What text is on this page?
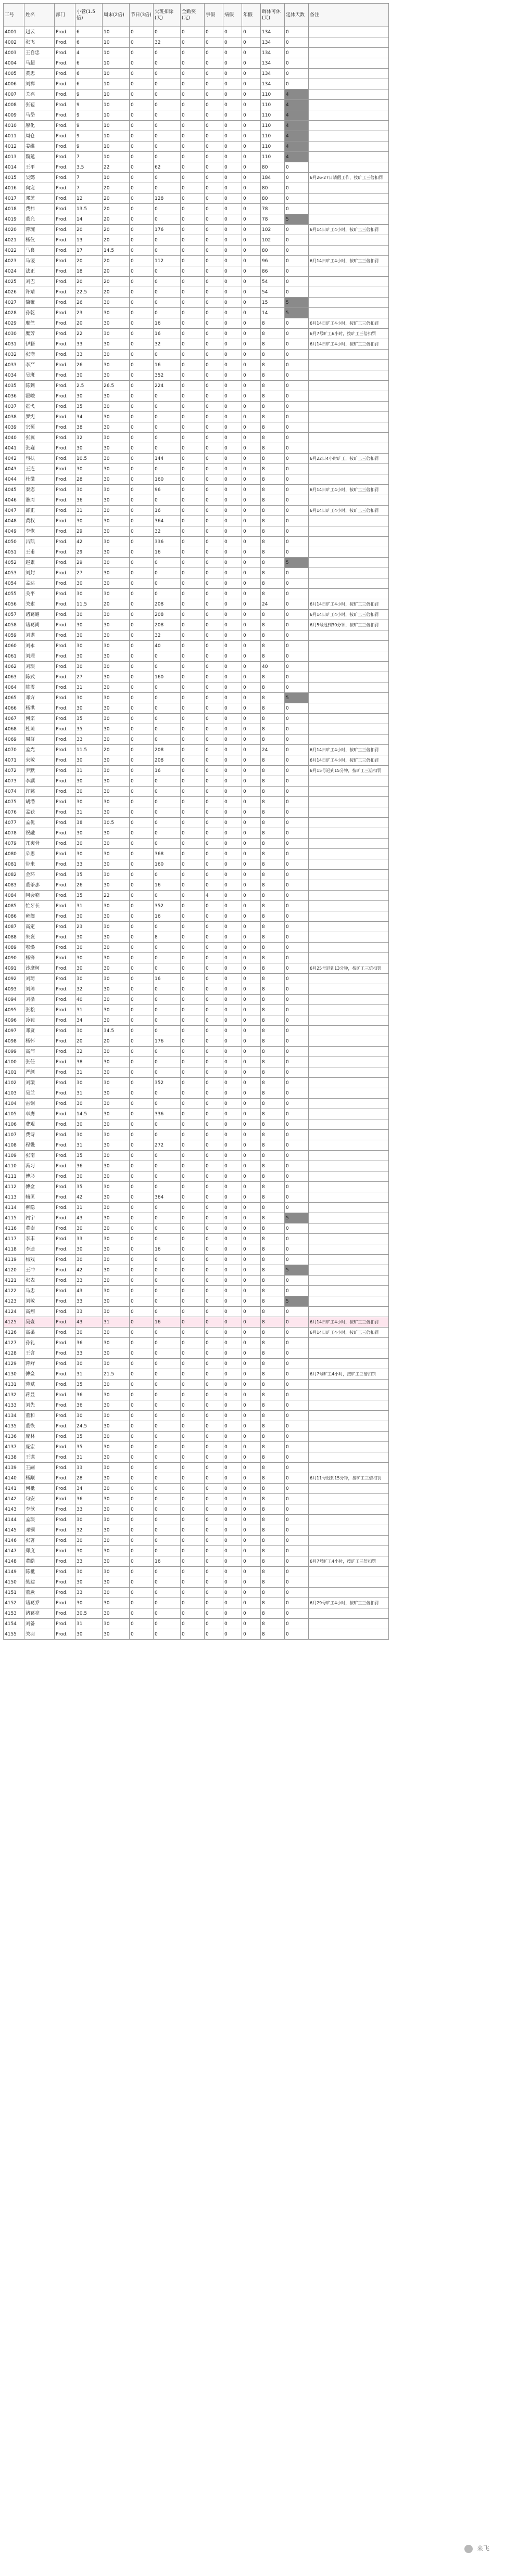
工号	姓名	部门	小管(1.5倍)	周末(2倍)	节日(3倍)	欠班扣除(天)	全勤奖(元)	事假	病假	年假	调休可休(天)	延休天数	备注
4001	赵云	Prod.	6	10	0	0	0	0	0	0	134	0	
4002	张飞	Prod.	6	10	0	32	0	0	0	0	134	0	
4003	王自忠	Prod.	4	10	0	0	0	0	0	0	134	0	
4004	马超	Prod.	6	10	0	0	0	0	0	0	134	0	
4005	黄忠	Prod.	6	10	0	0	0	0	0	0	134	0	
4006	刘禅	Prod.	6	10	0	0	0	0	0	0	134	0	
4007	关兴	Prod.	9	10	0	0	0	0	0	0	110	4	
4008	张苞	Prod.	9	10	0	0	0	0	0	0	110	4	
4009	马岱	Prod.	9	10	0	0	0	0	0	0	110	4	
4010	廖化	Prod.	9	10	0	0	0	0	0	0	110	4	
4011	周仓	Prod.	9	10	0	0	0	0	0	0	110	4	
4012	姜维	Prod.	9	10	0	0	0	0	0	0	110	4	
4013	魏延	Prod.	7	10	0	0	0	0	0	0	110	4	
4014	王平	Prod.	3.5	22	0	62	0	0	0	0	80	0	
4015	吴懿	Prod.	7	10	0	0	0	0	0	0	184	0	6月26-27日请假工作，按旷工三倍扣罚
4016	向宠	Prod.	7	20	0	0	0	0	0	0	80	0	
4017	邓芝	Prod.	12	20	0	128	0	0	0	0	80	0	
4018	费祎	Prod.	13.5	20	0	0	0	0	0	0	78	0	
4019	董允	Prod.	14	20	0	0	0	0	0	0	78	5	
4020	蒋琬	Prod.	20	20	0	176	0	0	0	0	102	0	6月14日旷工4小时，按旷工三倍扣罚
4021	杨仪	Prod.	13	20	0	0	0	0	0	0	102	0	
4022	马良	Prod.	17	14.5	0	0	0	0	0	0	80	0	
4023	马谡	Prod.	20	20	0	112	0	0	0	0	96	0	6月14日旷工4小时，按旷工三倍扣罚
4024	法正	Prod.	18	20	0	0	0	0	0	0	86	0	
4025	刘巴	Prod.	20	20	0	0	0	0	0	0	54	0	
4026	许靖	Prod.	22.5	20	0	0	0	0	0	0	54	0	
4027	简雍	Prod.	26	30	0	0	0	0	0	0	15	5	
4028	孙乾	Prod.	23	30	0	0	0	0	0	0	14	5	
4029	糜竺	Prod.	20	30	0	16	0	0	0	0	8	0	6月14日旷工4小时，按旷工三倍扣罚
4030	糜芳	Prod.	22	30	0	16	0	0	0	0	8	0	6月7号旷工6小时，按旷工三倍扣罚
4031	伊籍	Prod.	33	30	0	32	0	0	0	0	8	0	6月14日旷工4小时，按旷工三倍扣罚
4032	张裔	Prod.	33	30	0	0	0	0	0	0	8	0	
4033	李严	Prod.	26	30	0	16	0	0	0	0	8	0	
4034	吴班	Prod.	30	30	0	352	0	0	0	0	8	0	
4035	陈到	Prod.	2.5	26.5	0	224	0	0	0	0	8	0	
4036	霍峻	Prod.	30	30	0	0	0	0	0	0	8	0	
4037	霍弋	Prod.	35	30	0	0	0	0	0	0	8	0	
4038	罗宪	Prod.	34	30	0	0	0	0	0	0	8	0	
4039	宗预	Prod.	38	30	0	0	0	0	0	0	8	0	
4040	张翼	Prod.	32	30	0	0	0	0	0	0	8	0	
4041	张嶷	Prod.	30	30	0	0	0	0	0	0	8	0	
4042	句扶	Prod.	10.5	30	0	144	0	0	0	0	8	0	6月22日4小时旷工，按旷工三倍扣罚
4043	王连	Prod.	30	30	0	0	0	0	0	0	8	0	
4044	杜微	Prod.	28	30	0	160	0	0	0	0	8	0	
4045	秦宓	Prod.	30	30	0	96	0	0	0	0	8	0	6月14日旷工4小时，按旷工三倍扣罚
4046	谯周	Prod.	36	30	0	0	0	0	0	0	8	0	
4047	郤正	Prod.	31	30	0	16	0	0	0	0	8	0	6月14日旷工4小时，按旷工三倍扣罚
4048	黄权	Prod.	30	30	0	364	0	0	0	0	8	0	
4049	李恢	Prod.	29	30	0	32	0	0	0	0	8	0	
4050	吕凯	Prod.	42	30	0	336	0	0	0	0	8	0	
4051	王甫	Prod.	29	30	0	16	0	0	0	0	8	0	
4052	赵累	Prod.	29	30	0	0	0	0	0	0	8	5	
4053	刘封	Prod.	27	30	0	0	0	0	0	0	8	0	
4054	孟达	Prod.	30	30	0	0	0	0	0	0	8	0	
4055	关平	Prod.	30	30	0	0	0	0	0	0	8	0	
4056	关索	Prod.	11.5	20	0	208	0	0	0	0	24	0	6月14日旷工4小时，按旷工三倍扣罚
4057	诸葛瞻	Prod.	30	30	0	208	0	0	0	0	8	0	6月14日旷工4小时，按旷工三倍扣罚
4058	诸葛尚	Prod.	30	30	0	208	0	0	0	0	8	0	6月5号迟到30分钟，按旷工三倍扣罚
4059	刘谌	Prod.	30	30	0	32	0	0	0	0	8	0	
4060	刘永	Prod.	30	30	0	40	0	0	0	0	8	0	
4061	刘理	Prod.	30	30	0	0	0	0	0	0	8	0	
4062	刘琰	Prod.	30	30	0	0	0	0	0	0	40	0	
4063	陈式	Prod.	27	30	0	160	0	0	0	0	8	0	
4064	陈震	Prod.	31	30	0	0	0	0	0	0	8	0	
4065	邓方	Prod.	30	30	0	0	0	0	0	0	8	5	
4066	杨洪	Prod.	30	30	0	0	0	0	0	0	8	0	
4067	何宗	Prod.	35	30	0	0	0	0	0	0	8	0	
4068	杜琼	Prod.	35	30	0	0	0	0	0	0	8	0	
4069	周群	Prod.	33	30	0	0	0	0	0	0	8	0	
4070	孟光	Prod.	11.5	20	0	208	0	0	0	0	24	0	6月14日旷工4小时，按旷工三倍扣罚
4071	来敏	Prod.	30	30	0	208	0	0	0	0	8	0	6月14日旷工4小时，按旷工三倍扣罚
4072	尹默	Prod.	31	30	0	16	0	0	0	0	8	0	6月15号迟到15分钟，按旷工三倍扣罚
4073	李譔	Prod.	30	30	0	0	0	0	0	0	8	0	
4074	许慈	Prod.	30	30	0	0	0	0	0	0	8	0	
4075	胡潜	Prod.	30	30	0	0	0	0	0	0	8	0	
4076	孟获	Prod.	31	30	0	0	0	0	0	0	8	0	
4077	孟优	Prod.	38	30.5	0	0	0	0	0	0	8	0	
4078	祝融	Prod.	30	30	0	0	0	0	0	0	8	0	
4079	兀突骨	Prod.	30	30	0	0	0	0	0	0	8	0	
4080	朵思	Prod.	30	30	0	368	0	0	0	0	8	0	
4081	带来	Prod.	33	30	0	160	0	0	0	0	8	0	
4082	金环	Prod.	35	30	0	0	0	0	0	0	8	0	
4083	董荼那	Prod.	26	30	0	16	0	0	0	0	8	0	
4084	阿会喃	Prod.	35	22	0	0	0	4	0	0	8	0	
4085	忙牙长	Prod.	31	30	0	352	0	0	0	0	8	0	
4086	雍闿	Prod.	30	30	0	16	0	0	0	0	8	0	
4087	高定	Prod.	23	30	0	0	0	0	0	0	8	0	
4088	朱褒	Prod.	30	30	0	8	0	0	0	0	8	0	
4089	鄂焕	Prod.	30	30	0	0	0	0	0	0	8	0	
4090	杨锋	Prod.	30	30	0	0	0	0	0	0	8	0	
4091	沙摩柯	Prod.	30	30	0	0	0	0	0	0	8	0	6月25号迟到13分钟，按旷工三倍扣罚
4092	刘琦	Prod.	30	30	0	16	0	0	0	0	8	0	
4093	刘璋	Prod.	32	30	0	0	0	0	0	0	8	0	
4094	刘循	Prod.	40	30	0	0	0	0	0	0	8	0	
4095	张松	Prod.	31	30	0	0	0	0	0	0	8	0	
4096	冷苞	Prod.	34	30	0	0	0	0	0	0	8	0	
4097	邓贤	Prod.	30	34.5	0	0	0	0	0	0	8	0	
4098	杨怀	Prod.	20	20	0	176	0	0	0	0	8	0	
4099	高沛	Prod.	32	30	0	0	0	0	0	0	8	0	
4100	张任	Prod.	38	30	0	0	0	0	0	0	8	0	
4101	严颜	Prod.	31	30	0	0	0	0	0	0	8	0	
4102	刘璝	Prod.	30	30	0	352	0	0	0	0	8	0	
4103	吴兰	Prod.	31	30	0	0	0	0	0	0	8	0	
4104	雷铜	Prod.	30	30	0	0	0	0	0	0	8	0	
4105	卓膺	Prod.	14.5	30	0	336	0	0	0	0	8	0	
4106	费观	Prod.	30	30	0	0	0	0	0	0	8	0	
4107	费诗	Prod.	30	30	0	0	0	0	0	0	8	0	
4108	程畿	Prod.	31	30	0	272	0	0	0	0	8	0	
4109	张南	Prod.	35	30	0	0	0	0	0	0	8	0	
4110	冯习	Prod.	36	30	0	0	0	0	0	0	8	0	
4111	傅肜	Prod.	30	30	0	0	0	0	0	0	8	0	
4112	傅佥	Prod.	35	30	0	0	0	0	0	0	8	0	
4113	辅匡	Prod.	42	30	0	364	0	0	0	0	8	0	
4114	柳隐	Prod.	31	30	0	0	0	0	0	0	8	0	
4115	阎宇	Prod.	43	30	0	0	0	0	0	0	8	5	
4116	黄崇	Prod.	30	30	0	0	0	0	0	0	8	0	
4117	李丰	Prod.	33	30	0	0	0	0	0	0	8	0	
4118	李遗	Prod.	30	30	0	16	0	0	0	0	8	0	
4119	杨戏	Prod.	30	30	0	0	0	0	0	0	8	0	
4120	王冲	Prod.	42	30	0	0	0	0	0	0	8	5	
4121	张表	Prod.	33	30	0	0	0	0	0	0	8	0	
4122	马忠	Prod.	43	30	0	0	0	0	0	0	8	0	
4123	刘敏	Prod.	33	30	0	0	0	0	0	0	8	5	
4124	高翔	Prod.	33	30	0	0	0	0	0	0	8	0	
4125	吴壹	Prod.	43	31	0	16	0	0	0	0	8	0	6月14日旷工4小时，按旷工三倍扣罚
4126	高柔	Prod.	30	30	0	0	0	0	0	0	8	0	6月14日旷工4小时，按旷工三倍扣罚
4127	孙礼	Prod.	36	30	0	0	0	0	0	0	8	0	
4128	王含	Prod.	33	30	0	0	0	0	0	0	8	0	
4129	蒋舒	Prod.	30	30	0	0	0	0	0	0	8	0	
4130	傅佥	Prod.	31	21.5	0	0	0	0	0	0	8	0	6月7号旷工4小时，按旷工三倍扣罚
4131	蒋斌	Prod.	35	30	0	0	0	0	0	0	8	0	
4132	蒋显	Prod.	36	30	0	0	0	0	0	0	8	0	
4133	刘先	Prod.	36	30	0	0	0	0	0	0	8	0	
4134	董和	Prod.	30	30	0	0	0	0	0	0	8	0	
4135	董恢	Prod.	24.5	30	0	0	0	0	0	0	8	0	
4136	庞林	Prod.	35	30	0	0	0	0	0	0	8	0	
4137	庞宏	Prod.	35	30	0	0	0	0	0	0	8	0	
4138	王谋	Prod.	31	30	0	0	0	0	0	0	8	0	
4139	王嗣	Prod.	33	30	0	0	0	0	0	0	8	0	
4140	杨颙	Prod.	28	30	0	0	0	0	0	0	8	0	6月11号迟到15分钟，按旷工三倍扣罚
4141	何祗	Prod.	34	30	0	0	0	0	0	0	8	0	
4142	句安	Prod.	36	30	0	0	0	0	0	0	8	0	
4143	李歆	Prod.	33	30	0	0	0	0	0	0	8	0	
4144	孟琰	Prod.	30	30	0	0	0	0	0	0	8	0	
4145	邓铜	Prod.	32	30	0	0	0	0	0	0	8	0	
4146	张著	Prod.	30	30	0	0	0	0	0	0	8	0	
4147	郑度	Prod.	30	30	0	0	0	0	0	0	8	0	
4148	黄皓	Prod.	33	30	0	16	0	0	0	0	8	0	6月7号旷工4小时，按旷工三倍扣罚
4149	陈祗	Prod.	30	30	0	0	0	0	0	0	8	0	
4150	樊建	Prod.	30	30	0	0	0	0	0	0	8	0	
4151	董厥	Prod.	33	30	0	0	0	0	0	0	8	0	
4152	诸葛乔	Prod.	30	30	0	0	0	0	0	0	8	0	6月29号旷工4小时，按旷工三倍扣罚
4153	诸葛亮	Prod.	30.5	30	0	0	0	0	0	0	8	0	
4154	刘备	Prod.	31	30	0	0	0	0	0	0	8	0	
4155	关羽	Prod.	30	30	0	0	0	0	0	0	8	0	
来飞
